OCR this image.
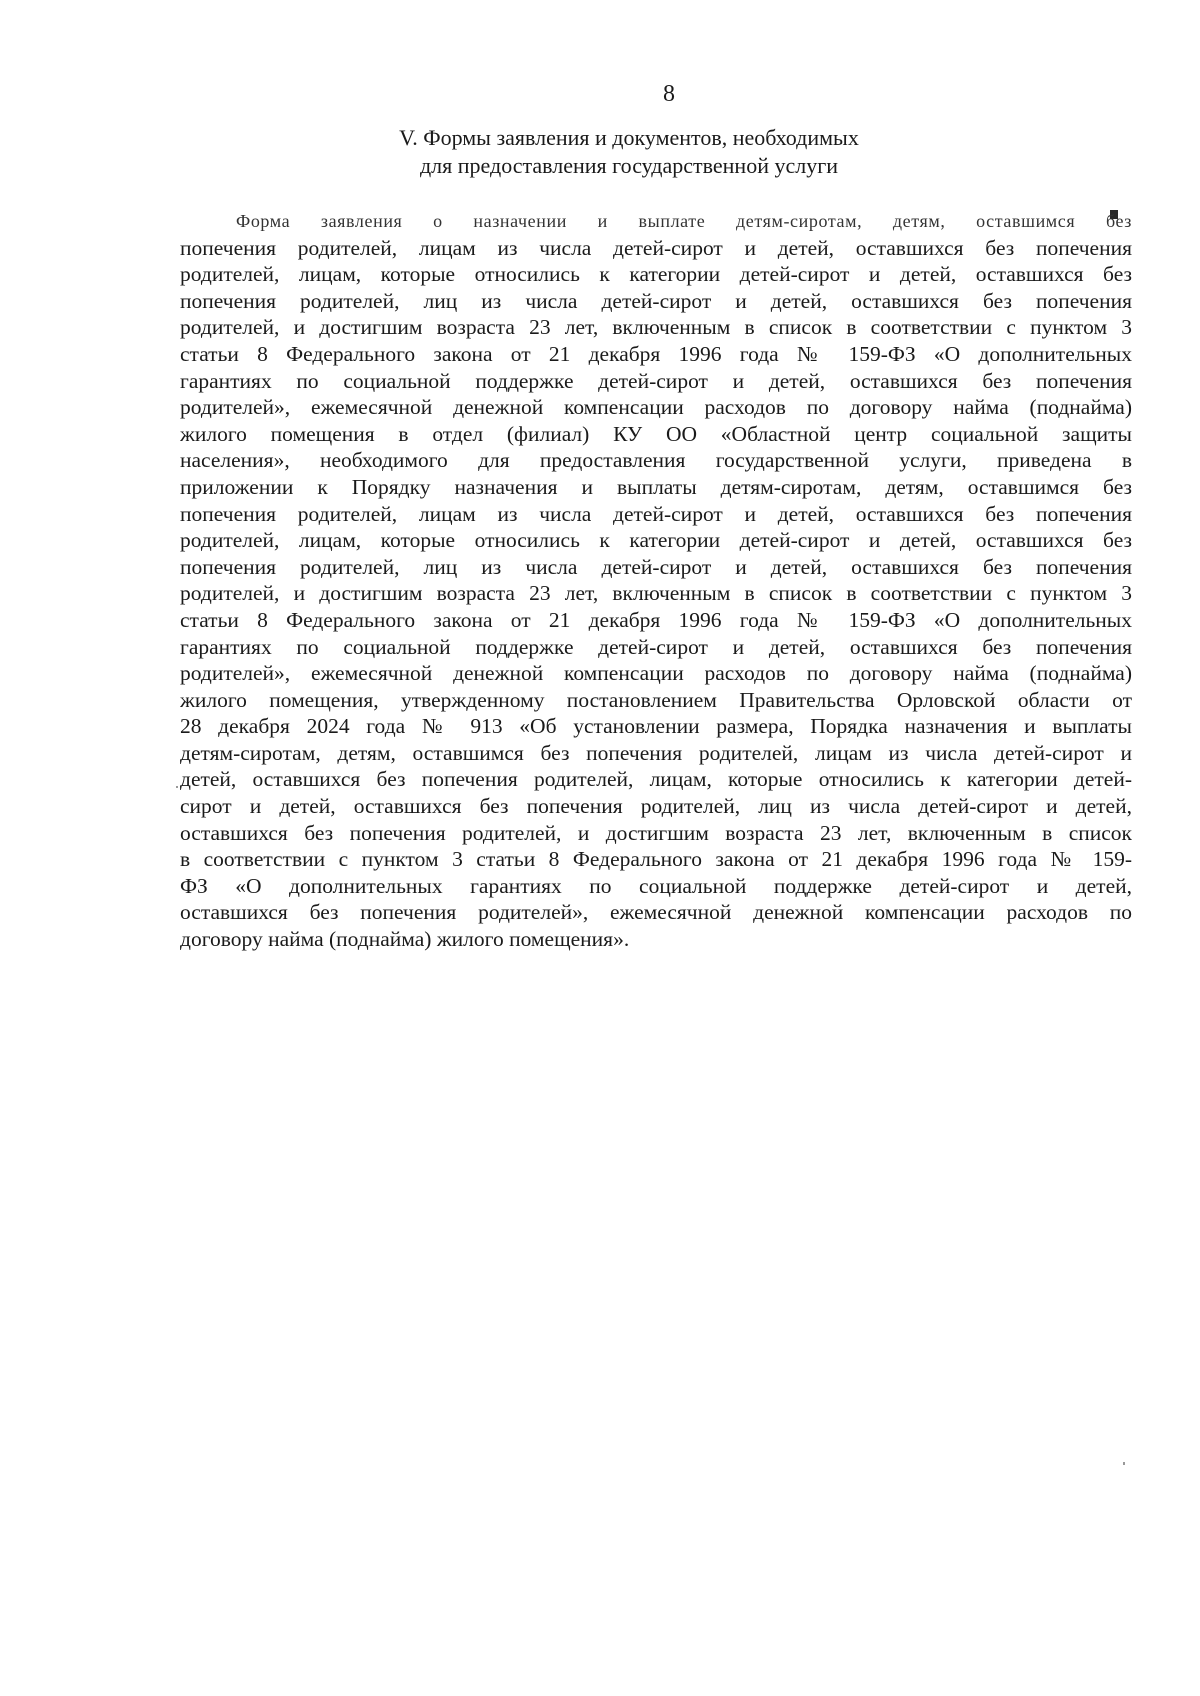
8
V. Формы заявления и документов, необходимых
для предоставления государственной услуги
Форма заявления о назначении и выплате детям-сиротам, детям, оставшимся без
попечения родителей, лицам из числа детей-сирот и детей, оставшихся без попечения
родителей, лицам, которые относились к категории детей-сирот и детей, оставшихся без
попечения родителей, лиц из числа детей-сирот и детей, оставшихся без попечения
родителей, и достигшим возраста 23 лет, включенным в список в соответствии с пунктом 3
статьи 8 Федерального закона от 21 декабря 1996 года № 159-ФЗ «О дополнительных
гарантиях по социальной поддержке детей-сирот и детей, оставшихся без попечения
родителей», ежемесячной денежной компенсации расходов по договору найма (поднайма)
жилого помещения в отдел (филиал) КУ ОО «Областной центр социальной защиты
населения», необходимого для предоставления государственной услуги, приведена в
приложении к Порядку назначения и выплаты детям-сиротам, детям, оставшимся без
попечения родителей, лицам из числа детей-сирот и детей, оставшихся без попечения
родителей, лицам, которые относились к категории детей-сирот и детей, оставшихся без
попечения родителей, лиц из числа детей-сирот и детей, оставшихся без попечения
родителей, и достигшим возраста 23 лет, включенным в список в соответствии с пунктом 3
статьи 8 Федерального закона от 21 декабря 1996 года № 159-ФЗ «О дополнительных
гарантиях по социальной поддержке детей-сирот и детей, оставшихся без попечения
родителей», ежемесячной денежной компенсации расходов по договору найма (поднайма)
жилого помещения, утвержденному постановлением Правительства Орловской области от
28 декабря 2024 года № 913 «Об установлении размера, Порядка назначения и выплаты
детям-сиротам, детям, оставшимся без попечения родителей, лицам из числа детей-сирот и
детей, оставшихся без попечения родителей, лицам, которые относились к категории детей-
сирот и детей, оставшихся без попечения родителей, лиц из числа детей-сирот и детей,
оставшихся без попечения родителей, и достигшим возраста 23 лет, включенным в список
в соответствии с пунктом 3 статьи 8 Федерального закона от 21 декабря 1996 года № 159-
ФЗ «О дополнительных гарантиях по социальной поддержке детей-сирот и детей,
оставшихся без попечения родителей», ежемесячной денежной компенсации расходов по
договору найма (поднайма) жилого помещения».
